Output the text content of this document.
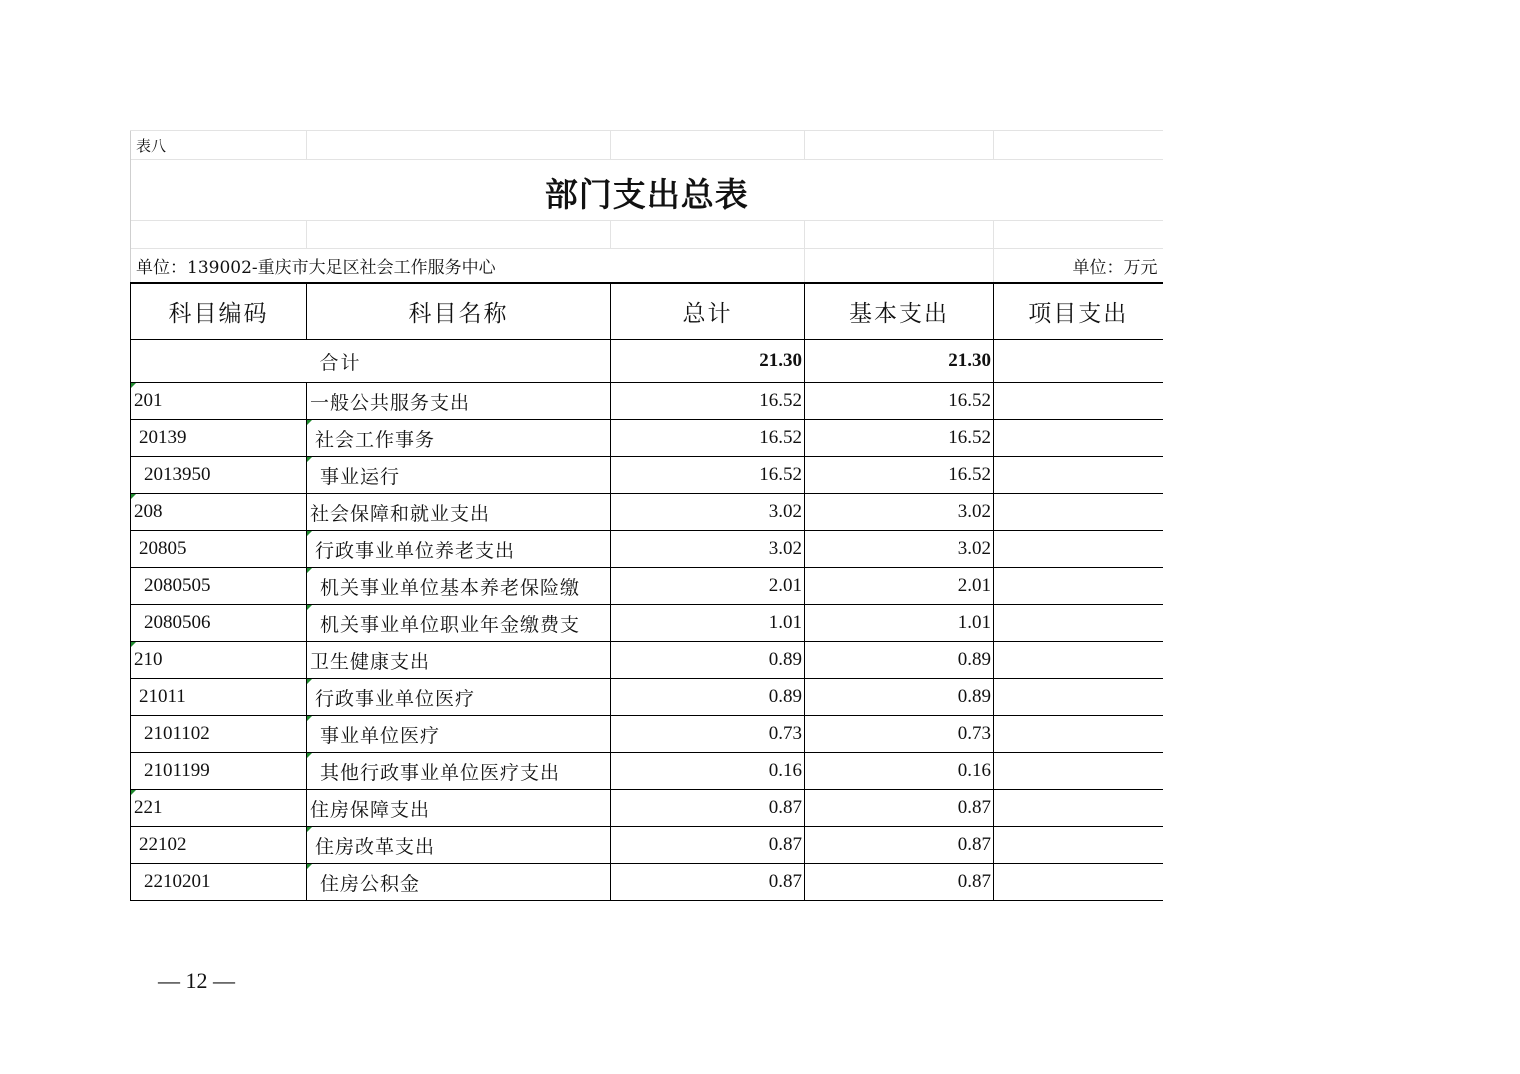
表八				
部门支出总表				

单位：139002-重庆市大足区社会工作服务中心				单位：万元
科目编码	科目名称	总计	基本支出	项目支出
合计		21.30	21.30	
201	一般公共服务支出	16.52	16.52	
20139	社会工作事务	16.52	16.52	
2013950	事业运行	16.52	16.52	
208	社会保障和就业支出	3.02	3.02	
20805	行政事业单位养老支出	3.02	3.02	
2080505	机关事业单位基本养老保险缴	2.01	2.01	
2080506	机关事业单位职业年金缴费支	1.01	1.01	
210	卫生健康支出	0.89	0.89	
21011	行政事业单位医疗	0.89	0.89	
2101102	事业单位医疗	0.73	0.73	
2101199	其他行政事业单位医疗支出	0.16	0.16	
221	住房保障支出	0.87	0.87	
22102	住房改革支出	0.87	0.87	
2210201	住房公积金	0.87	0.87	
— 12 —
